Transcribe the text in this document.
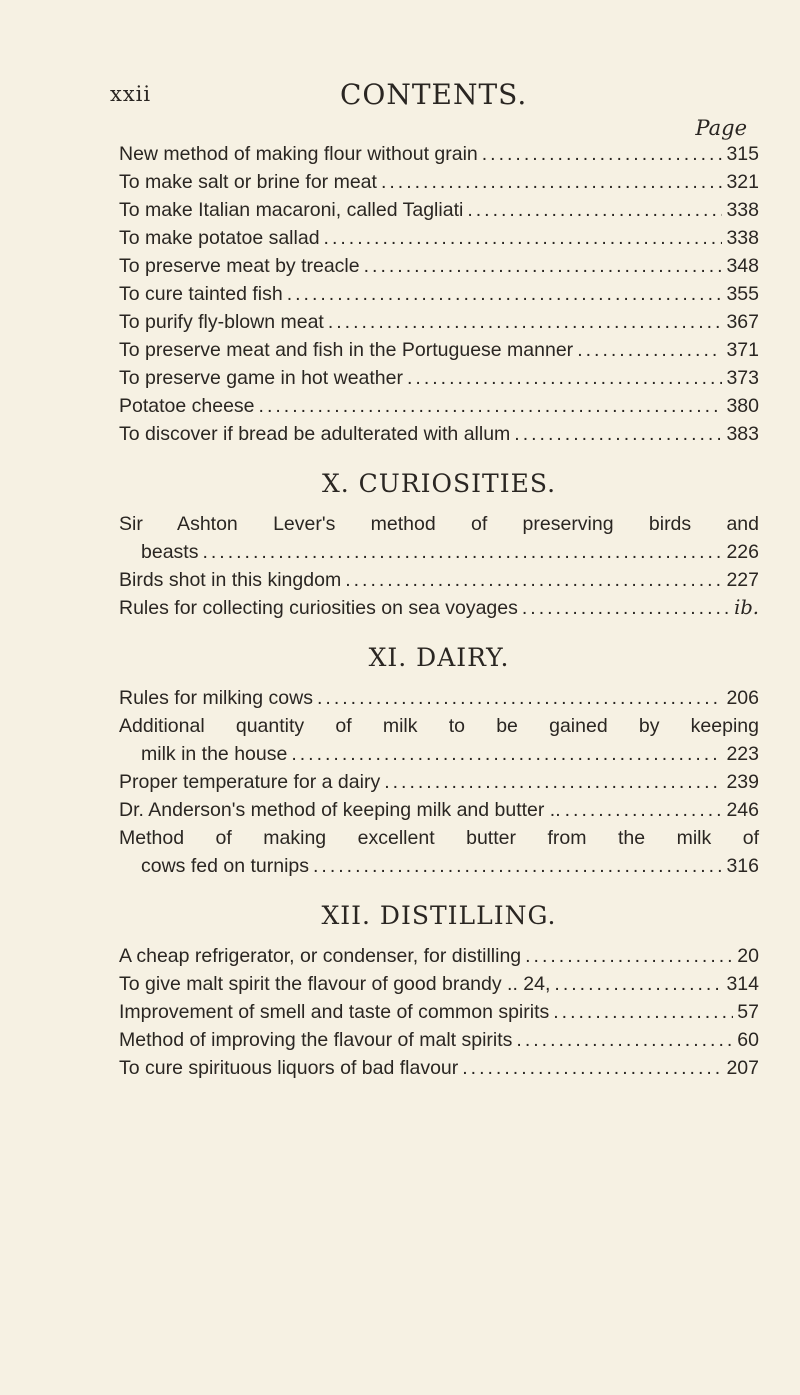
xxii	CONTENTS.
Page
New method of making flour without grain .....	315
To make salt or brine for meat .....	321
To make Italian macaroni, called Tagliati .....	338
To make potatoe sallad .....	338
To preserve meat by treacle .....	348
To cure tainted fish .....	355
To purify fly-blown meat .....	367
To preserve meat and fish in the Portuguese manner .....	371
To preserve game in hot weather .....	373
Potatoe cheese .....	380
To discover if bread be adulterated with allum .....	383
X. CURIOSITIES.
Sir Ashton Lever's method of preserving birds and
beasts .....	226
Birds shot in this kingdom .....	227
Rules for collecting curiosities on sea voyages .....	ib.
XI. DAIRY.
Rules for milking cows .....	206
Additional quantity of milk to be gained by keeping
milk in the house .....	223
Proper temperature for a dairy .....	239
Dr. Anderson's method of keeping milk and butter .. .....	246
Method of making excellent butter from the milk of
cows fed on turnips .....	316
XII. DISTILLING.
A cheap refrigerator, or condenser, for distilling .....	20
To give malt spirit the flavour of good brandy .. 24, .....	314
Improvement of smell and taste of common spirits .....	57
Method of improving the flavour of malt spirits .....	60
To cure spirituous liquors of bad flavour .....	207
